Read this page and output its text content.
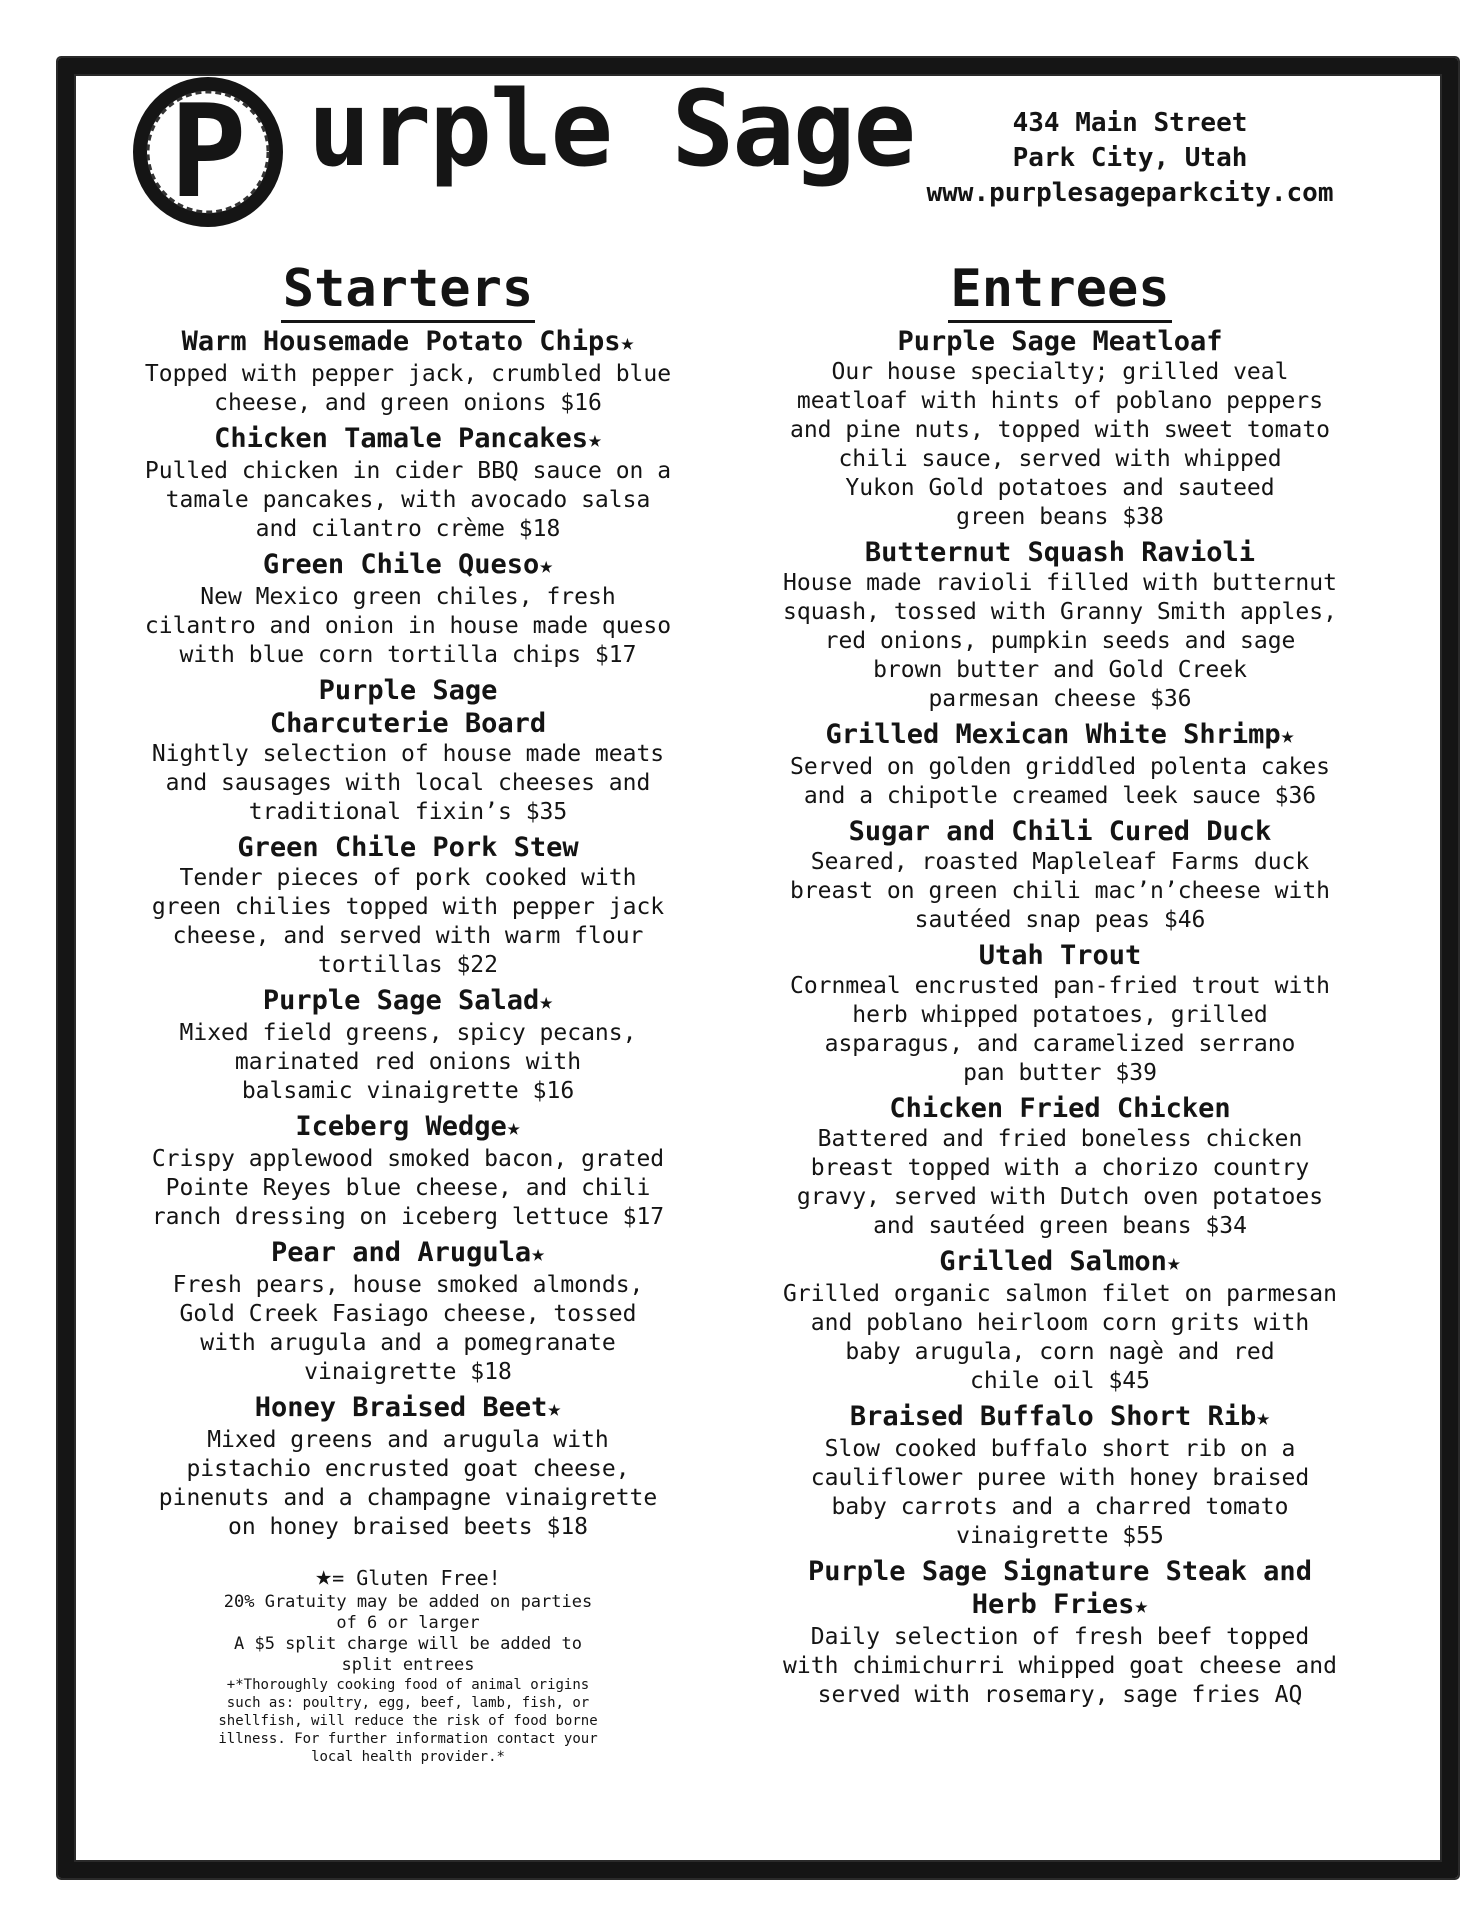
P urple Sage	434 Main Street
Park City, Utah
www.purplesageparkcity.com
Starters
Warm Housemade Potato Chips★
Topped with pepper jack, crumbled blue
cheese, and green onions $16
Chicken Tamale Pancakes★
Pulled chicken in cider BBQ sauce on a
tamale pancakes, with avocado salsa
and cilantro crème $18
Green Chile Queso★
New Mexico green chiles, fresh
cilantro and onion in house made queso
with blue corn tortilla chips $17
Purple Sage
Charcuterie Board
Nightly selection of house made meats
and sausages with local cheeses and
traditional fixin’s $35
Green Chile Pork Stew
Tender pieces of pork cooked with
green chilies topped with pepper jack
cheese, and served with warm flour
tortillas $22
Purple Sage Salad★
Mixed field greens, spicy pecans,
marinated red onions with
balsamic vinaigrette $16
Iceberg Wedge★
Crispy applewood smoked bacon, grated
Pointe Reyes blue cheese, and chili
ranch dressing on iceberg lettuce $17
Pear and Arugula★
Fresh pears, house smoked almonds,
Gold Creek Fasiago cheese, tossed
with arugula and a pomegranate
vinaigrette $18
Honey Braised Beet★
Mixed greens and arugula with
pistachio encrusted goat cheese,
pinenuts and a champagne vinaigrette
on honey braised beets $18
★= Gluten Free!
20% Gratuity may be added on parties
of 6 or larger
A $5 split charge will be added to
split entrees
+*Thoroughly cooking food of animal origins
such as: poultry, egg, beef, lamb, fish, or
shellfish, will reduce the risk of food borne
illness. For further information contact your
local health provider.*
Entrees
Purple Sage Meatloaf
Our house specialty; grilled veal
meatloaf with hints of poblano peppers
and pine nuts, topped with sweet tomato
chili sauce, served with whipped
Yukon Gold potatoes and sauteed
green beans $38
Butternut Squash Ravioli
House made ravioli filled with butternut
squash, tossed with Granny Smith apples,
red onions, pumpkin seeds and sage
brown butter and Gold Creek
parmesan cheese $36
Grilled Mexican White Shrimp★
Served on golden griddled polenta cakes
and a chipotle creamed leek sauce $36
Sugar and Chili Cured Duck
Seared, roasted Mapleleaf Farms duck
breast on green chili mac’n’cheese with
sautéed snap peas $46
Utah Trout
Cornmeal encrusted pan-fried trout with
herb whipped potatoes, grilled
asparagus, and caramelized serrano
pan butter $39
Chicken Fried Chicken
Battered and fried boneless chicken
breast topped with a chorizo country
gravy, served with Dutch oven potatoes
and sautéed green beans $34
Grilled Salmon★
Grilled organic salmon filet on parmesan
and poblano heirloom corn grits with
baby arugula, corn nagè and red
chile oil $45
Braised Buffalo Short Rib★
Slow cooked buffalo short rib on a
cauliflower puree with honey braised
baby carrots and a charred tomato
vinaigrette $55
Purple Sage Signature Steak and
Herb Fries★
Daily selection of fresh beef topped
with chimichurri whipped goat cheese and
served with rosemary, sage fries AQ
